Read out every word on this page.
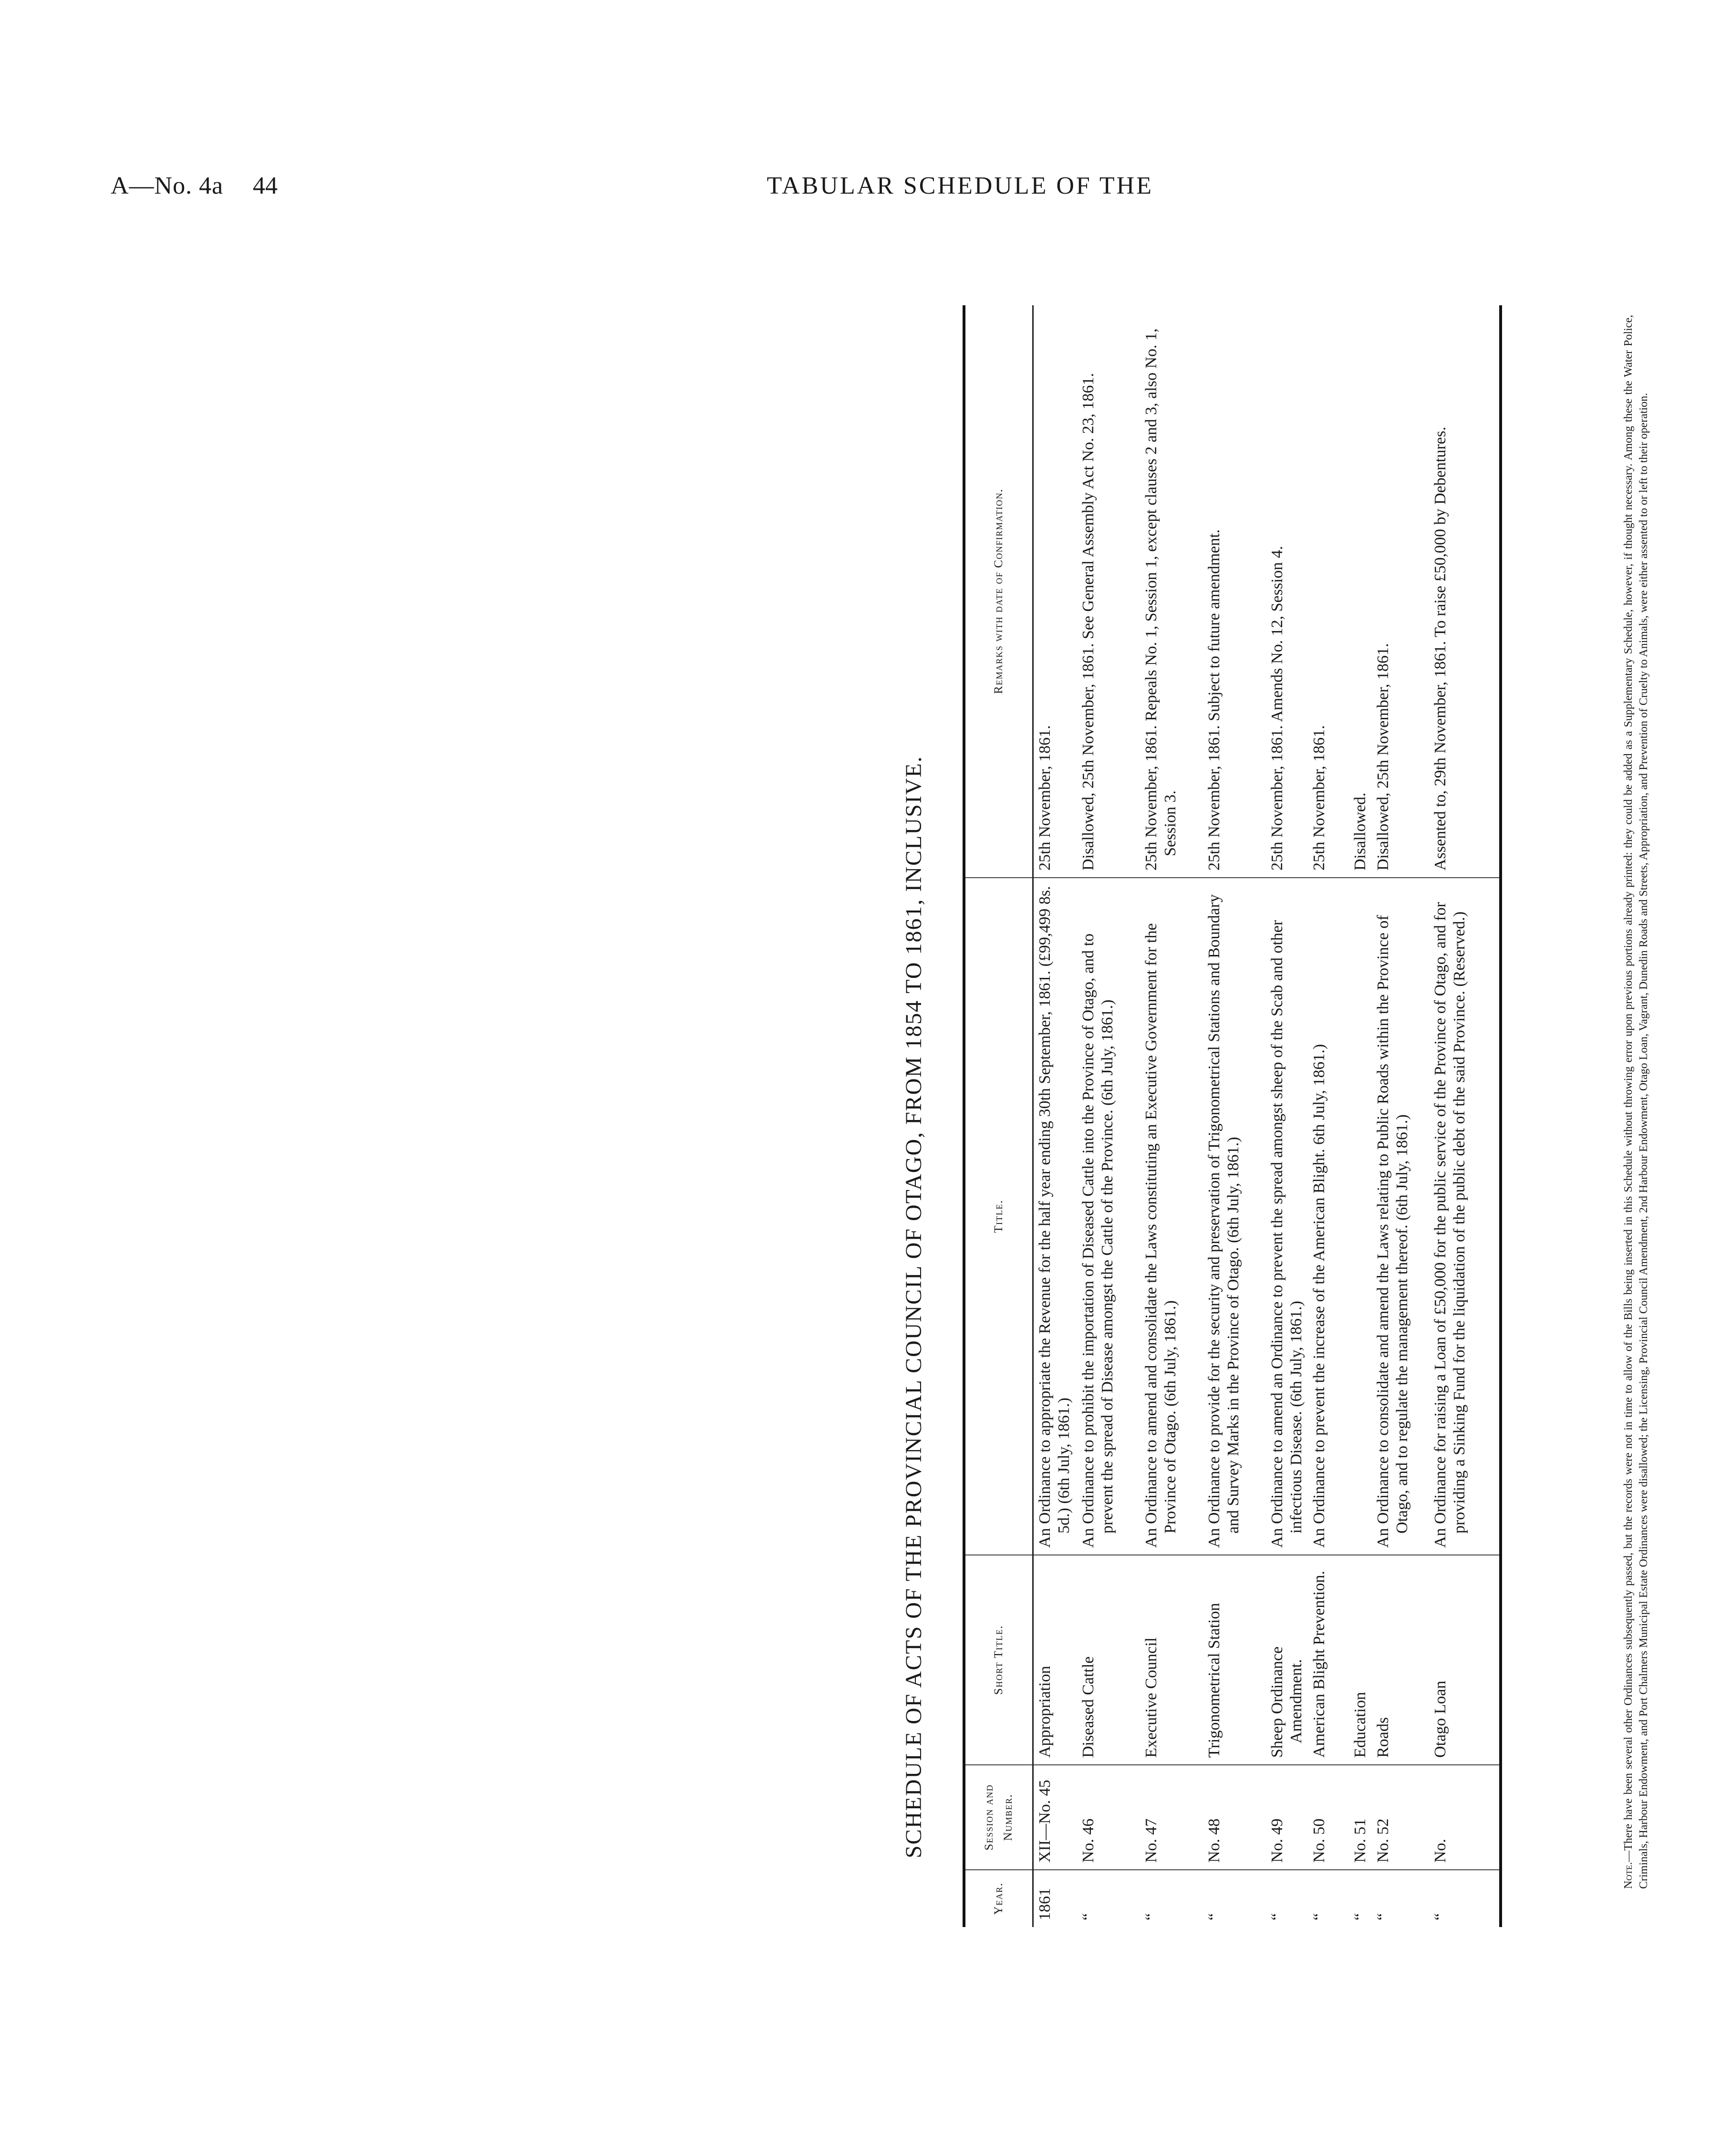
A—No. 4a 44	TABULAR SCHEDULE OF THE
SCHEDULE OF ACTS OF THE PROVINCIAL COUNCIL OF OTAGO, FROM 1854 TO 1861, INCLUSIVE.
Year.	Session and Number.	Short Title.	Title.	Remarks with date of Confirmation.
1861	XII—No. 45	Appropriation	An Ordinance to appropriate the Revenue for the half year ending 30th September, 1861. (£99,499 8s. 5d.) (6th July, 1861.)	25th November, 1861.
“	No. 46	Diseased Cattle	An Ordinance to prohibit the importation of Diseased Cattle into the Province of Otago, and to prevent the spread of Disease amongst the Cattle of the Province. (6th July, 1861.)	Disallowed, 25th November, 1861. See General Assembly Act No. 23, 1861.
“	No. 47	Executive Council	An Ordinance to amend and consolidate the Laws constituting an Executive Government for the Province of Otago. (6th July, 1861.)	25th November, 1861. Repeals No. 1, Session 1, except clauses 2 and 3, also No. 1, Session 3.
“	No. 48	Trigonometrical Station	An Ordinance to provide for the security and preservation of Trigonometrical Stations and Boundary and Survey Marks in the Province of Otago. (6th July, 1861.)	25th November, 1861. Subject to future amendment.
“	No. 49	Sheep Ordinance Amendment.	An Ordinance to amend an Ordinance to prevent the spread amongst sheep of the Scab and other infectious Disease. (6th July, 1861.)	25th November, 1861. Amends No. 12, Session 4.
“	No. 50	American Blight Prevention.	An Ordinance to prevent the increase of the American Blight. 6th July, 1861.)	25th November, 1861.
“	No. 51	Education		Disallowed.
“	No. 52	Roads	An Ordinance to consolidate and amend the Laws relating to Public Roads within the Province of Otago, and to regulate the management thereof. (6th July, 1861.)	Disallowed, 25th November, 1861.
“	No.	Otago Loan	An Ordinance for raising a Loan of £50,000 for the public service of the Province of Otago, and for providing a Sinking Fund for the liquidation of the public debt of the said Province. (Reserved.)	Assented to, 29th November, 1861. To raise £50,000 by Debentures.
Note.—There have been several other Ordinances subsequently passed, but the records were not in time to allow of the Bills being inserted in this Schedule without throwing error upon previous portions already printed: they could be added as a Supplementary Schedule, however, if thought necessary. Among these the Water Police, Criminals, Harbour Endowment, and Port Chalmers Municipal Estate Ordinances were disallowed; the Licensing, Provincial Council Amendment, 2nd Harbour Endowment, Otago Loan, Vagrant, Dunedin Roads and Streets, Appropriation, and Prevention of Cruelty to Animals, were either assented to or left to their operation.
